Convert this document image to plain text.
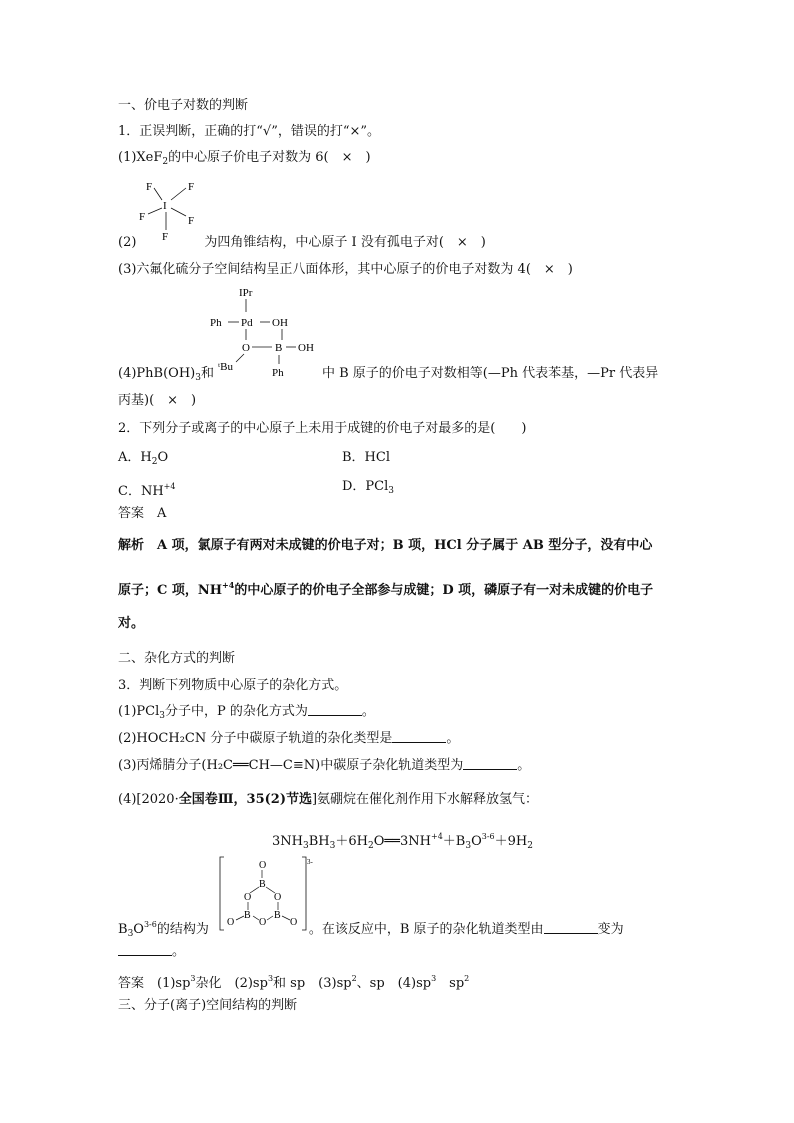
一、价电子对数的判断
1．正误判断，正确的打“√”，错误的打“×”。
(1)XeF$_2$的中心原子价电子对数为 6(　×　)
F	F
I
F	F
F
(2)	为四角锥结构，中心原子 I 没有孤电子对(　×　)
(3)六氟化硫分子空间结构呈正八面体形，其中心原子的价电子对数为 4(　×　)
IPr
Ph Pd OH
O B OH
ᵗBu	Ph
$(4)PhB(OH)_3$和	中 B 原子的价电子对数相等(—Ph 代表苯基，—Pr 代表异
丙基)(　×　)
2．下列分子或离子的中心原子上未用于成键的价电子对最多的是(　　)
A．$H_2O$	B．HCl
C．$NH^{+4}$	D．PCl$_3$
答案　A
解析　A 项，氯原子有两对未成键的价电子对；B 项，HCl 分子属于 AB 型分子，没有中心
原子；C 项，$NH^{+4}$的中心原子的价电子全部参与成键；D 项，磷原子有一对未成键的价电子
对。
二、杂化方式的判断
3．判断下列物质中心原子的杂化方式。
(1)PCl$_3$分子中，P 的杂化方式为	。
(2)HOCH₂CN 分子中碳原子轨道的杂化类型是	。
(3)丙烯腈分子(H₂C══CH—C≡N)中碳原子杂化轨道类型为	。
(4)[2020·全国卷Ⅲ，35(2)节选]氨硼烷在催化剂作用下水解释放氢气：
$3NH_3BH_3+6H_2O══3NH^{+4}+B_3O^{3-6}+9H_2$
3-
O
B
O O
B B
O
O	O
$B_3O^{3-6}$的结构为	。在该反应中，B 原子的杂化轨道类型由	变为
。
答案　$(1)sp^3$杂化　$(2)sp^3$和 sp　$(3)sp^2$、sp　$(4)sp^3$　$sp^2$
三、分子(离子)空间结构的判断
